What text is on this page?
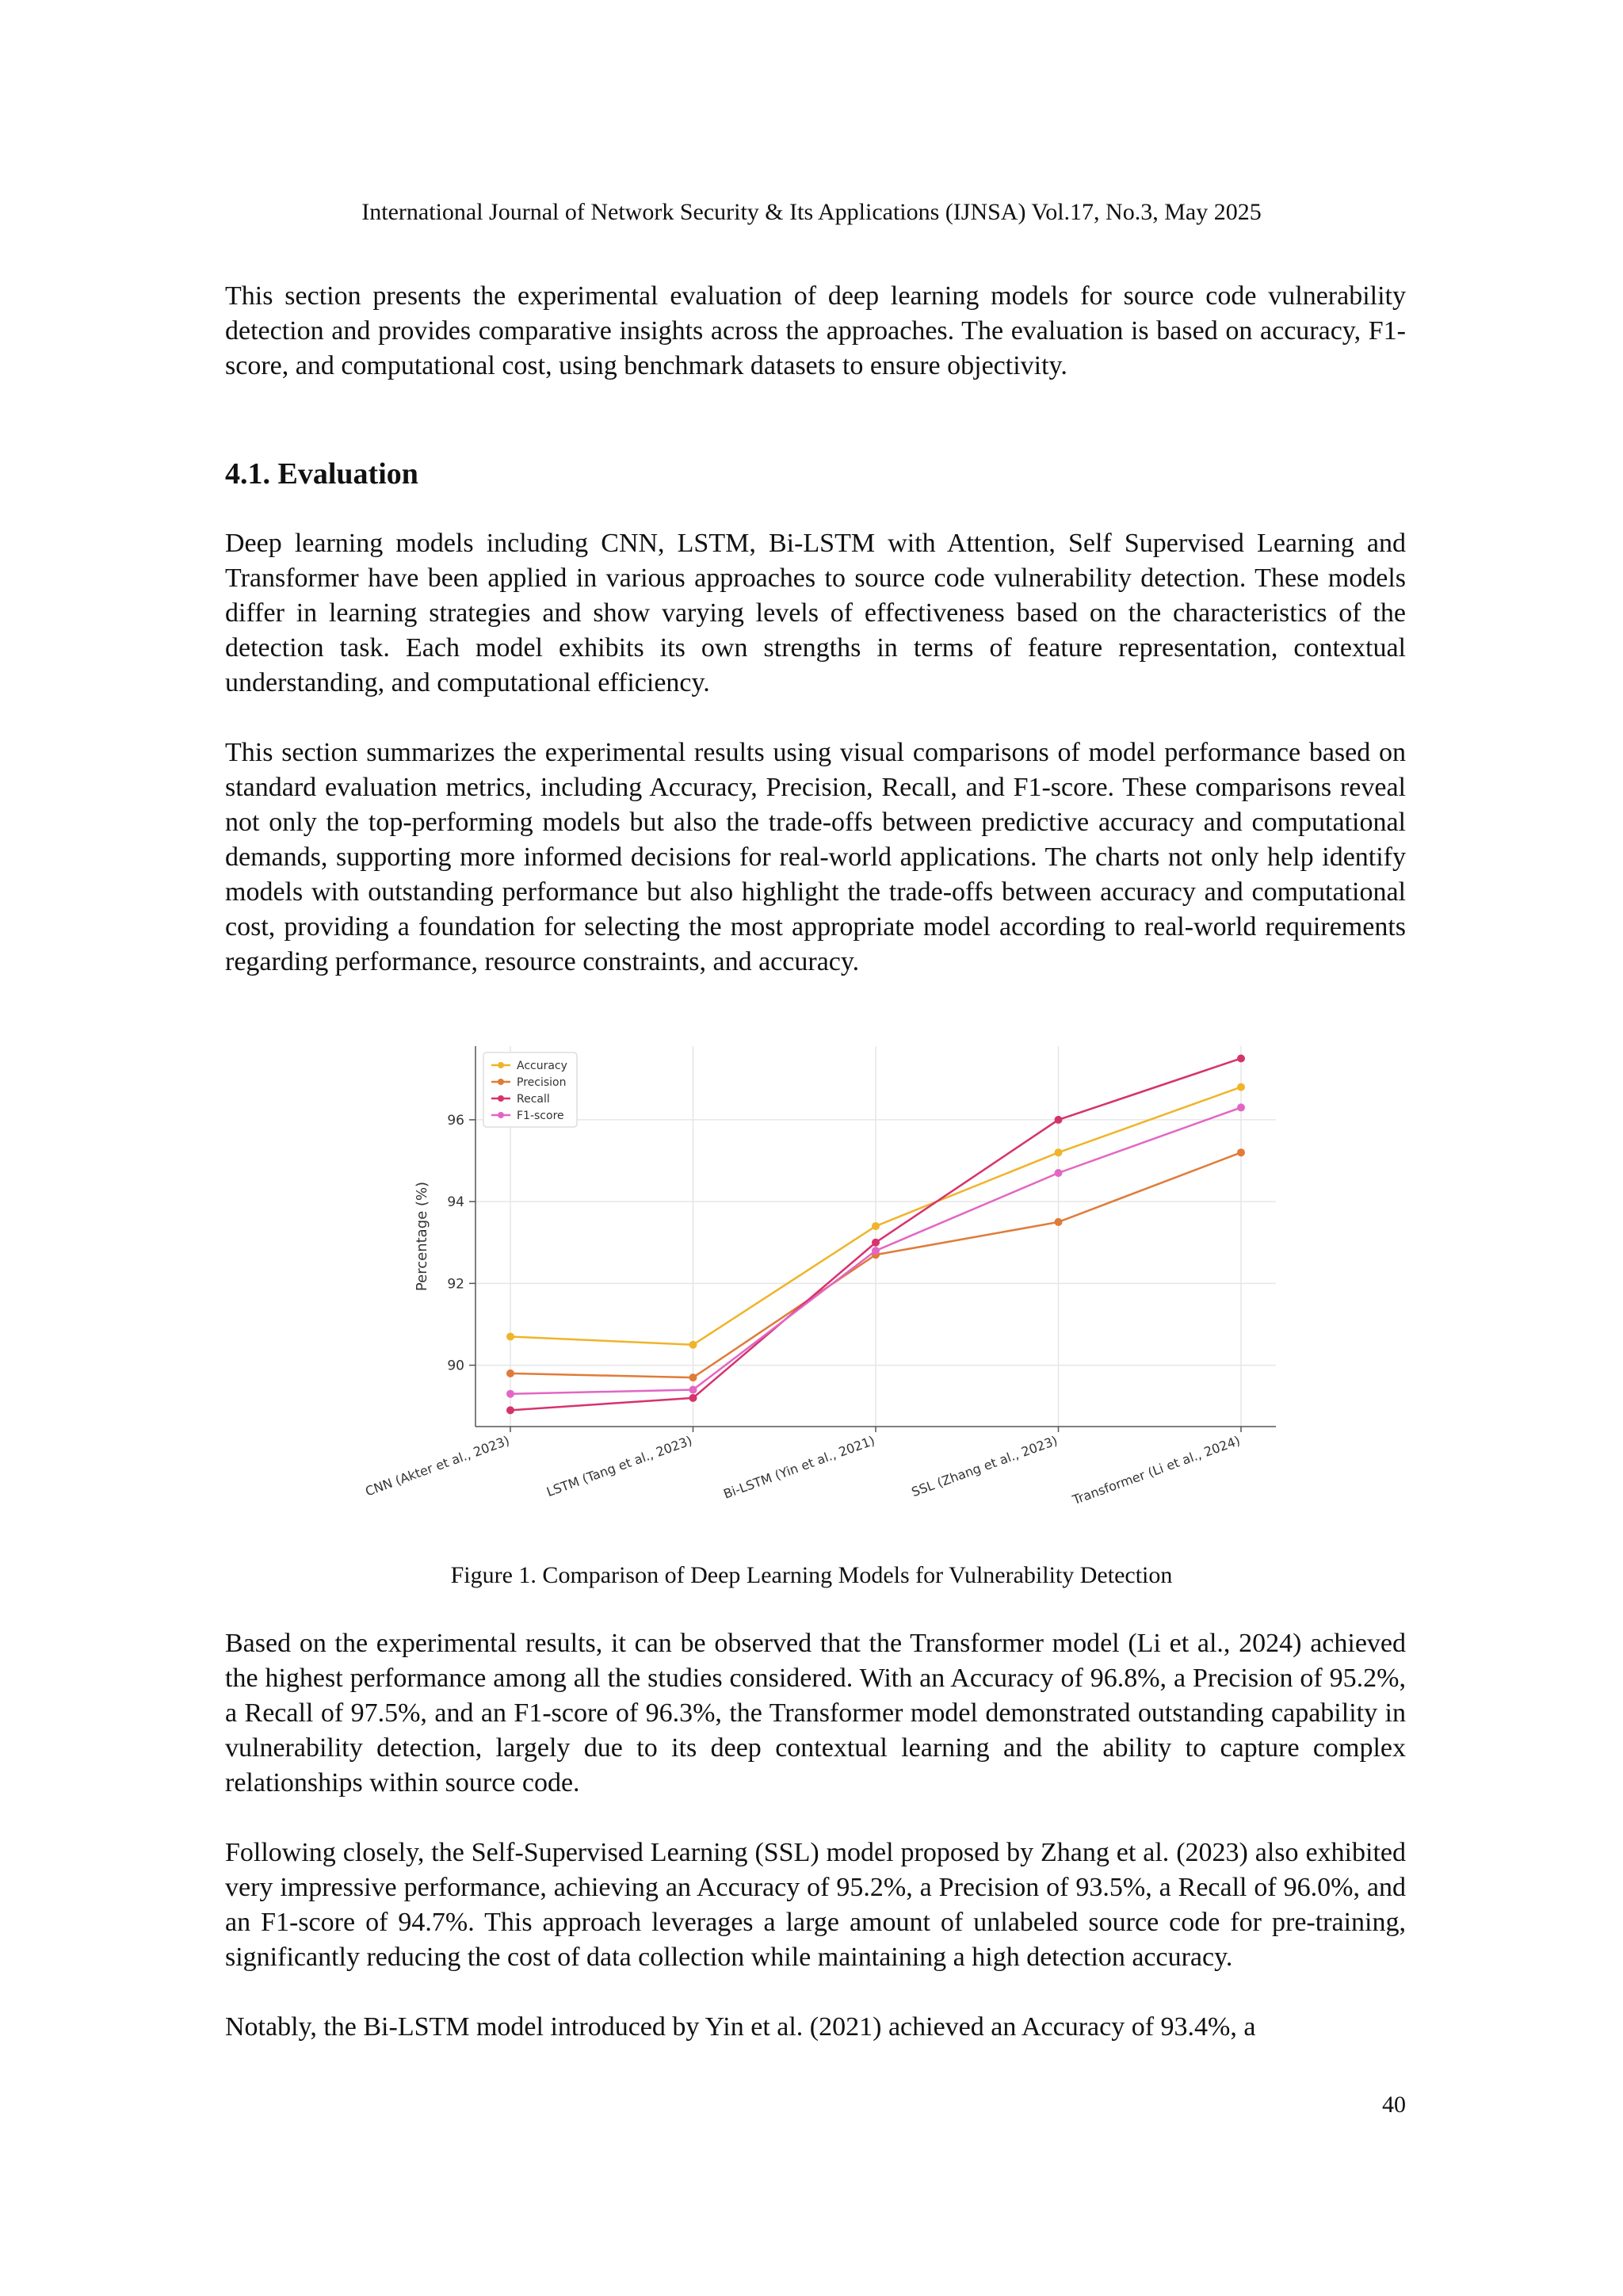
International Journal of Network Security & Its Applications (IJNSA) Vol.17, No.3, May 2025

This section presents the experimental evaluation of deep learning models for source code vulnerability detection and provides comparative insights across the approaches. The evaluation is based on accuracy, F1-score, and computational cost, using benchmark datasets to ensure objectivity.

4.1. Evaluation

Deep learning models including CNN, LSTM, Bi-LSTM with Attention, Self Supervised Learning and Transformer have been applied in various approaches to source code vulnerability detection. These models differ in learning strategies and show varying levels of effectiveness based on the characteristics of the detection task. Each model exhibits its own strengths in terms of feature representation, contextual understanding, and computational efficiency.

This section summarizes the experimental results using visual comparisons of model performance based on standard evaluation metrics, including Accuracy, Precision, Recall, and F1-score. These comparisons reveal not only the top-performing models but also the trade-offs between predictive accuracy and computational demands, supporting more informed decisions for real-world applications. The charts not only help identify models with outstanding performance but also highlight the trade-offs between accuracy and computational cost, providing a foundation for selecting the most appropriate model according to real-world requirements regarding performance, resource constraints, and accuracy.

90
92
94
96
CNN (Akter et al., 2023)	LSTM (Tang et al., 2023) Bi-LSTM (Yin et al., 2021)	SSL (Zhang et al., 2023) Transformer (Li et al., 2024)
Percentage (%)
Accuracy
Precision
Recall
F1-score
Figure 1. Comparison of Deep Learning Models for Vulnerability Detection

Based on the experimental results, it can be observed that the Transformer model (Li et al., 2024) achieved the highest performance among all the studies considered. With an Accuracy of 96.8%, a Precision of 95.2%, a Recall of 97.5%, and an F1-score of 96.3%, the Transformer model demonstrated outstanding capability in vulnerability detection, largely due to its deep contextual learning and the ability to capture complex relationships within source code.

Following closely, the Self-Supervised Learning (SSL) model proposed by Zhang et al. (2023) also exhibited very impressive performance, achieving an Accuracy of 95.2%, a Precision of 93.5%, a Recall of 96.0%, and an F1-score of 94.7%. This approach leverages a large amount of unlabeled source code for pre-training, significantly reducing the cost of data collection while maintaining a high detection accuracy.

Notably, the Bi-LSTM model introduced by Yin et al. (2021) achieved an Accuracy of 93.4%, a

40
